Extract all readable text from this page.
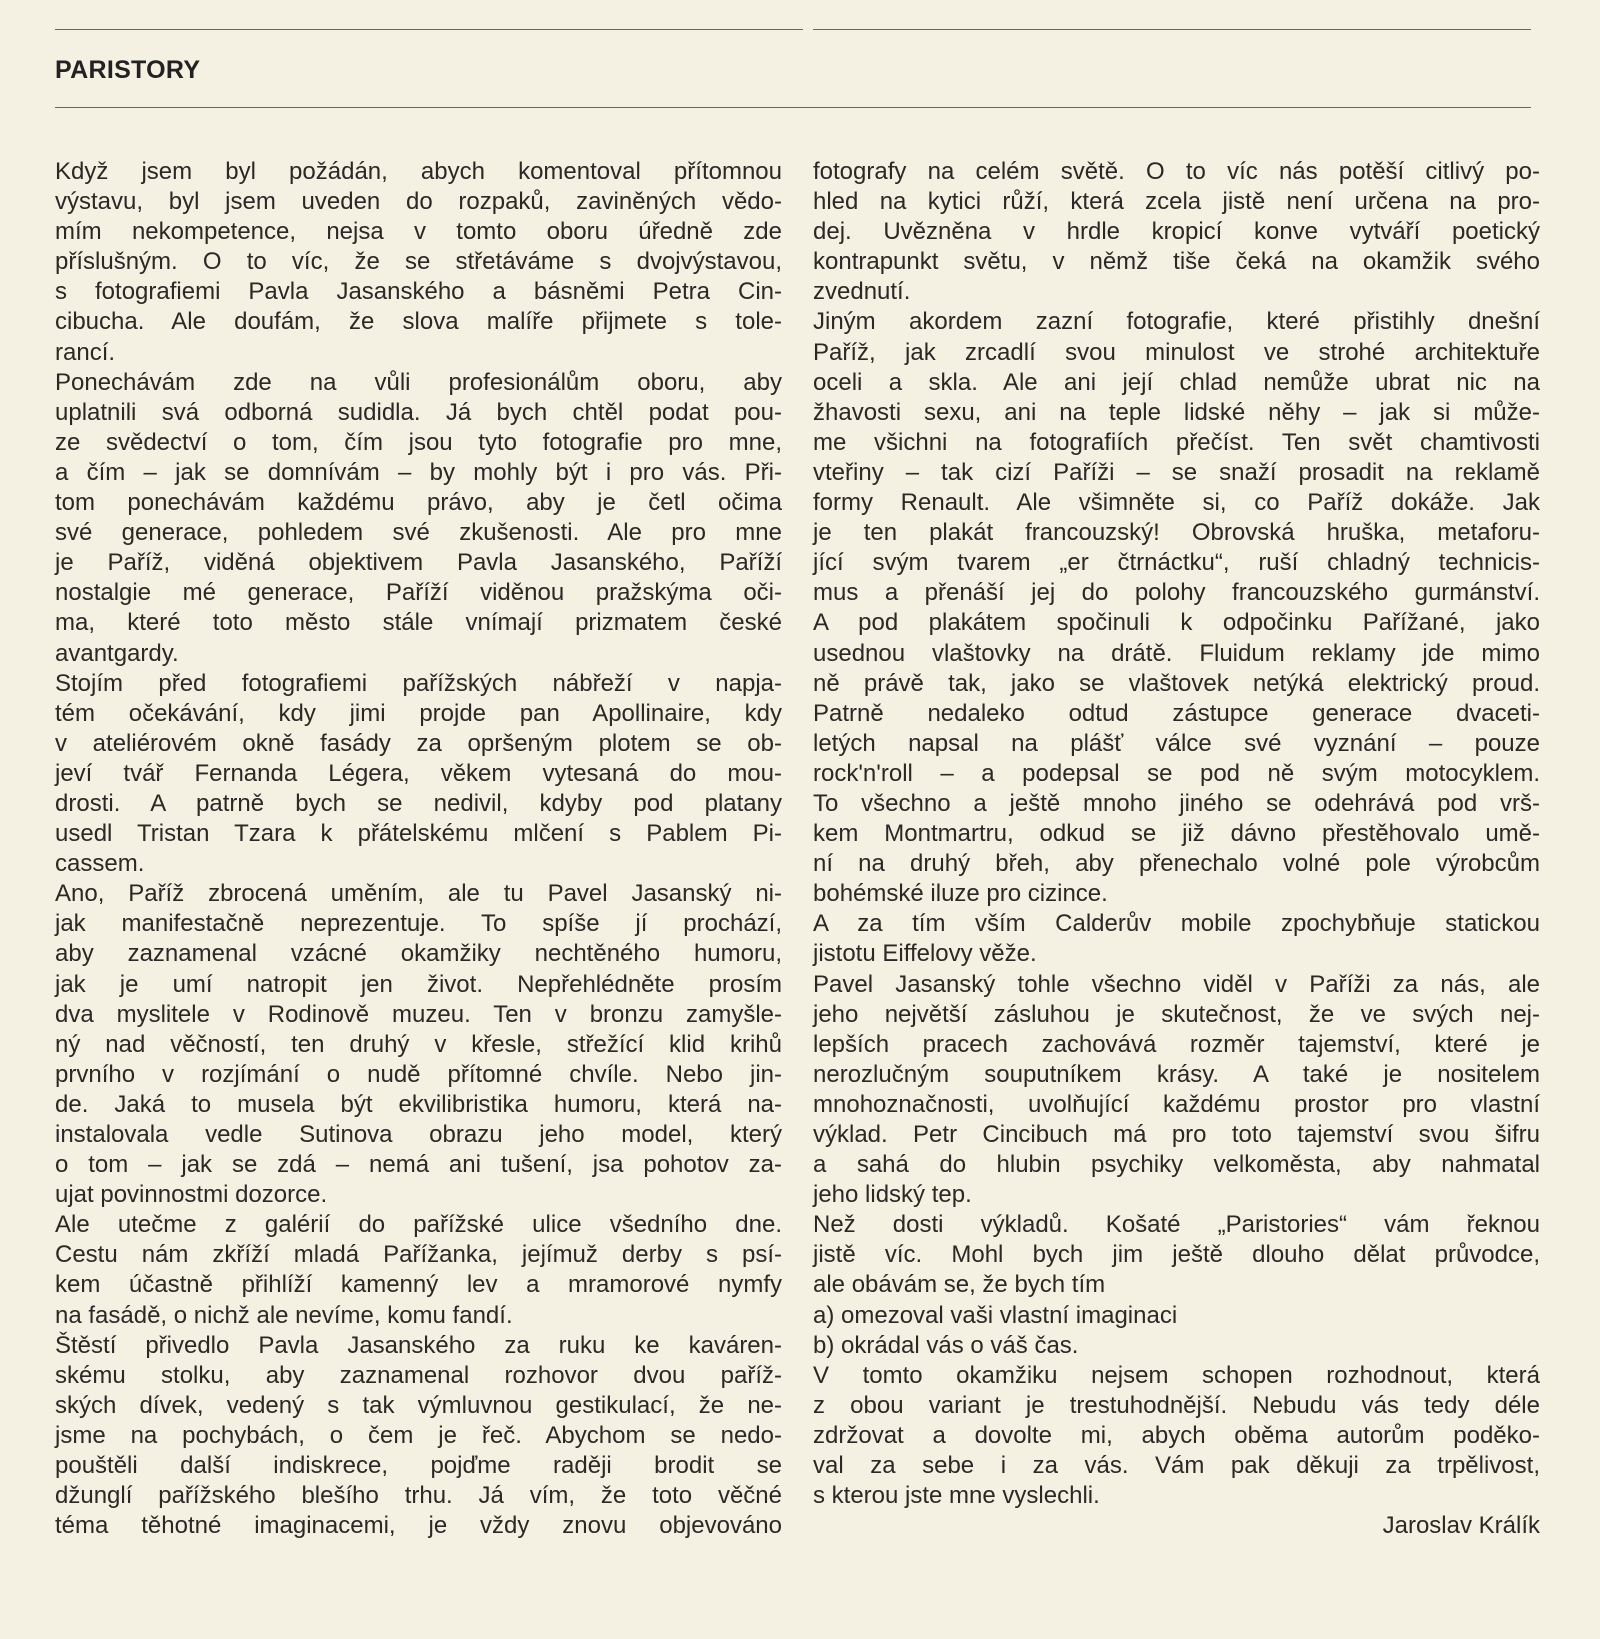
PARISTORY
Když jsem byl požádán, abych komentoval přítomnou
výstavu, byl jsem uveden do rozpaků, zaviněných vědo-
mím nekompetence, nejsa v tomto oboru úředně zde
příslušným. O to víc, že se střetáváme s dvojvýstavou,
s fotografiemi Pavla Jasanského a básněmi Petra Cin-
cibucha. Ale doufám, že slova malíře přijmete s tole-
rancí.
Ponechávám zde na vůli profesionálům oboru, aby
uplatnili svá odborná sudidla. Já bych chtěl podat pou-
ze svědectví o tom, čím jsou tyto fotografie pro mne,
a čím – jak se domnívám – by mohly být i pro vás. Při-
tom ponechávám každému právo, aby je četl očima
své generace, pohledem své zkušenosti. Ale pro mne
je Paříž, viděná objektivem Pavla Jasanského, Paříží
nostalgie mé generace, Paříží viděnou pražskýma oči-
ma, které toto město stále vnímají prizmatem české
avantgardy.
Stojím před fotografiemi pařížských nábřeží v napja-
tém očekávání, kdy jimi projde pan Apollinaire, kdy
v ateliérovém okně fasády za opršeným plotem se ob-
jeví tvář Fernanda Légera, věkem vytesaná do mou-
drosti. A patrně bych se nedivil, kdyby pod platany
usedl Tristan Tzara k přátelskému mlčení s Pablem Pi-
cassem.
Ano, Paříž zbrocená uměním, ale tu Pavel Jasanský ni-
jak manifestačně neprezentuje. To spíše jí prochází,
aby zaznamenal vzácné okamžiky nechtěného humoru,
jak je umí natropit jen život. Nepřehlédněte prosím
dva myslitele v Rodinově muzeu. Ten v bronzu zamyšle-
ný nad věčností, ten druhý v křesle, střežící klid krihů
prvního v rozjímání o nudě přítomné chvíle. Nebo jin-
de. Jaká to musela být ekvilibristika humoru, která na-
instalovala vedle Sutinova obrazu jeho model, který
o tom – jak se zdá – nemá ani tušení, jsa pohotov za-
ujat povinnostmi dozorce.
Ale utečme z galérií do pařížské ulice všedního dne.
Cestu nám zkříží mladá Pařížanka, jejímuž derby s psí-
kem účastně přihlíží kamenný lev a mramorové nymfy
na fasádě, o nichž ale nevíme, komu fandí.
Štěstí přivedlo Pavla Jasanského za ruku ke kaváren-
skému stolku, aby zaznamenal rozhovor dvou paříž-
ských dívek, vedený s tak výmluvnou gestikulací, že ne-
jsme na pochybách, o čem je řeč. Abychom se nedo-
pouštěli další indiskrece, pojďme raději brodit se
džunglí pařížského blešího trhu. Já vím, že toto věčné
téma těhotné imaginacemi, je vždy znovu objevováno
fotografy na celém světě. O to víc nás potěší citlivý po-
hled na kytici růží, která zcela jistě není určena na pro-
dej. Uvězněna v hrdle kropicí konve vytváří poetický
kontrapunkt světu, v němž tiše čeká na okamžik svého
zvednutí.
Jiným akordem zazní fotografie, které přistihly dnešní
Paříž, jak zrcadlí svou minulost ve strohé architektuře
oceli a skla. Ale ani její chlad nemůže ubrat nic na
žhavosti sexu, ani na teple lidské něhy – jak si může-
me všichni na fotografiích přečíst. Ten svět chamtivosti
vteřiny – tak cizí Paříži – se snaží prosadit na reklamě
formy Renault. Ale všimněte si, co Paříž dokáže. Jak
je ten plakát francouzský! Obrovská hruška, metaforu-
jící svým tvarem „er čtrnáctku“, ruší chladný technicis-
mus a přenáší jej do polohy francouzského gurmánství.
A pod plakátem spočinuli k odpočinku Pařížané, jako
usednou vlaštovky na drátě. Fluidum reklamy jde mimo
ně právě tak, jako se vlaštovek netýká elektrický proud.
Patrně nedaleko odtud zástupce generace dvaceti-
letých napsal na plášť válce své vyznání – pouze
rock'n'roll – a podepsal se pod ně svým motocyklem.
To všechno a ještě mnoho jiného se odehrává pod vrš-
kem Montmartru, odkud se již dávno přestěhovalo umě-
ní na druhý břeh, aby přenechalo volné pole výrobcům
bohémské iluze pro cizince.
A za tím vším Calderův mobile zpochybňuje statickou
jistotu Eiffelovy věže.
Pavel Jasanský tohle všechno viděl v Paříži za nás, ale
jeho největší zásluhou je skutečnost, že ve svých nej-
lepších pracech zachovává rozměr tajemství, které je
nerozlučným souputníkem krásy. A také je nositelem
mnohoznačnosti, uvolňující každému prostor pro vlastní
výklad. Petr Cincibuch má pro toto tajemství svou šifru
a sahá do hlubin psychiky velkoměsta, aby nahmatal
jeho lidský tep.
Než dosti výkladů. Košaté „Paristories“ vám řeknou
jistě víc. Mohl bych jim ještě dlouho dělat průvodce,
ale obávám se, že bych tím
a) omezoval vaši vlastní imaginaci
b) okrádal vás o váš čas.
V tomto okamžiku nejsem schopen rozhodnout, která
z obou variant je trestuhodnější. Nebudu vás tedy déle
zdržovat a dovolte mi, abych oběma autorům poděko-
val za sebe i za vás. Vám pak děkuji za trpělivost,
s kterou jste mne vyslechli.
Jaroslav Králík
